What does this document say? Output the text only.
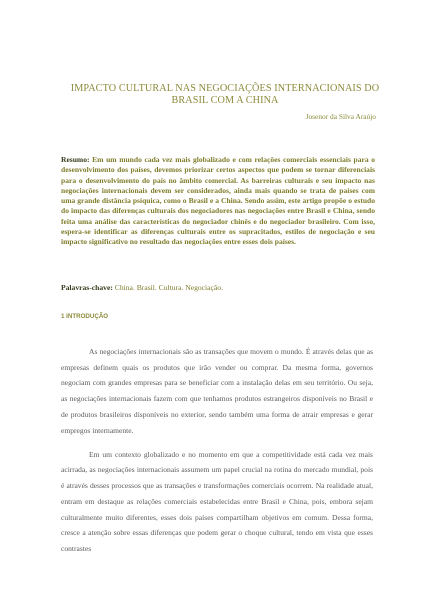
IMPACTO CULTURAL NAS NEGOCIAÇÕES INTERNACIONAIS DO
BRASIL COM A CHINA
Josenor da Silva Araújo
Resumo: Em um mundo cada vez mais globalizado e com relações comerciais essenciais para o desenvolvimento dos países, devemos priorizar certos aspectos que podem se tornar diferenciais para o desenvolvimento do país no âmbito comercial. As barreiras culturais e seu impacto nas negociações internacionais devem ser considerados, ainda mais quando se trata de países com uma grande distância psíquica, como o Brasil e a China. Sendo assim, este artigo propõe o estudo do impacto das diferenças culturais dos negociadores nas negociações entre Brasil e China, sendo feita uma análise das características do negociador chinês e do negociador brasileiro. Com isso, espera-se identificar as diferenças culturais entre os supracitados, estilos de negociação e seu impacto significativo no resultado das negociações entre esses dois países.
Palavras-chave: China. Brasil. Cultura. Negociação.
1 INTRODUÇÃO

As negociações internacionais são as transações que movem o mundo. É através delas que as empresas definem quais os produtos que irão vender ou comprar. Da mesma forma, governos negociam com grandes empresas para se beneficiar com a instalação delas em seu território. Ou seja, as negociações internacionais fazem com que tenhamos produtos estrangeiros disponíveis no Brasil e de produtos brasileiros disponíveis no exterior, sendo também uma forma de atrair empresas e gerar empregos internamente.

Em um contexto globalizado e no momento em que a competitividade está cada vez mais acirrada, as negociações internacionais assumem um papel crucial na rotina do mercado mundial, pois é através desses processos que as transações e transformações comerciais ocorrem. Na realidade atual, entram em destaque as relações comerciais estabelecidas entre Brasil e China, pois, embora sejam culturalmente muito diferentes, esses dois países compartilham objetivos em comum. Dessa forma, cresce a atenção sobre essas diferenças que podem gerar o choque cultural, tendo em vista que esses contrastes
